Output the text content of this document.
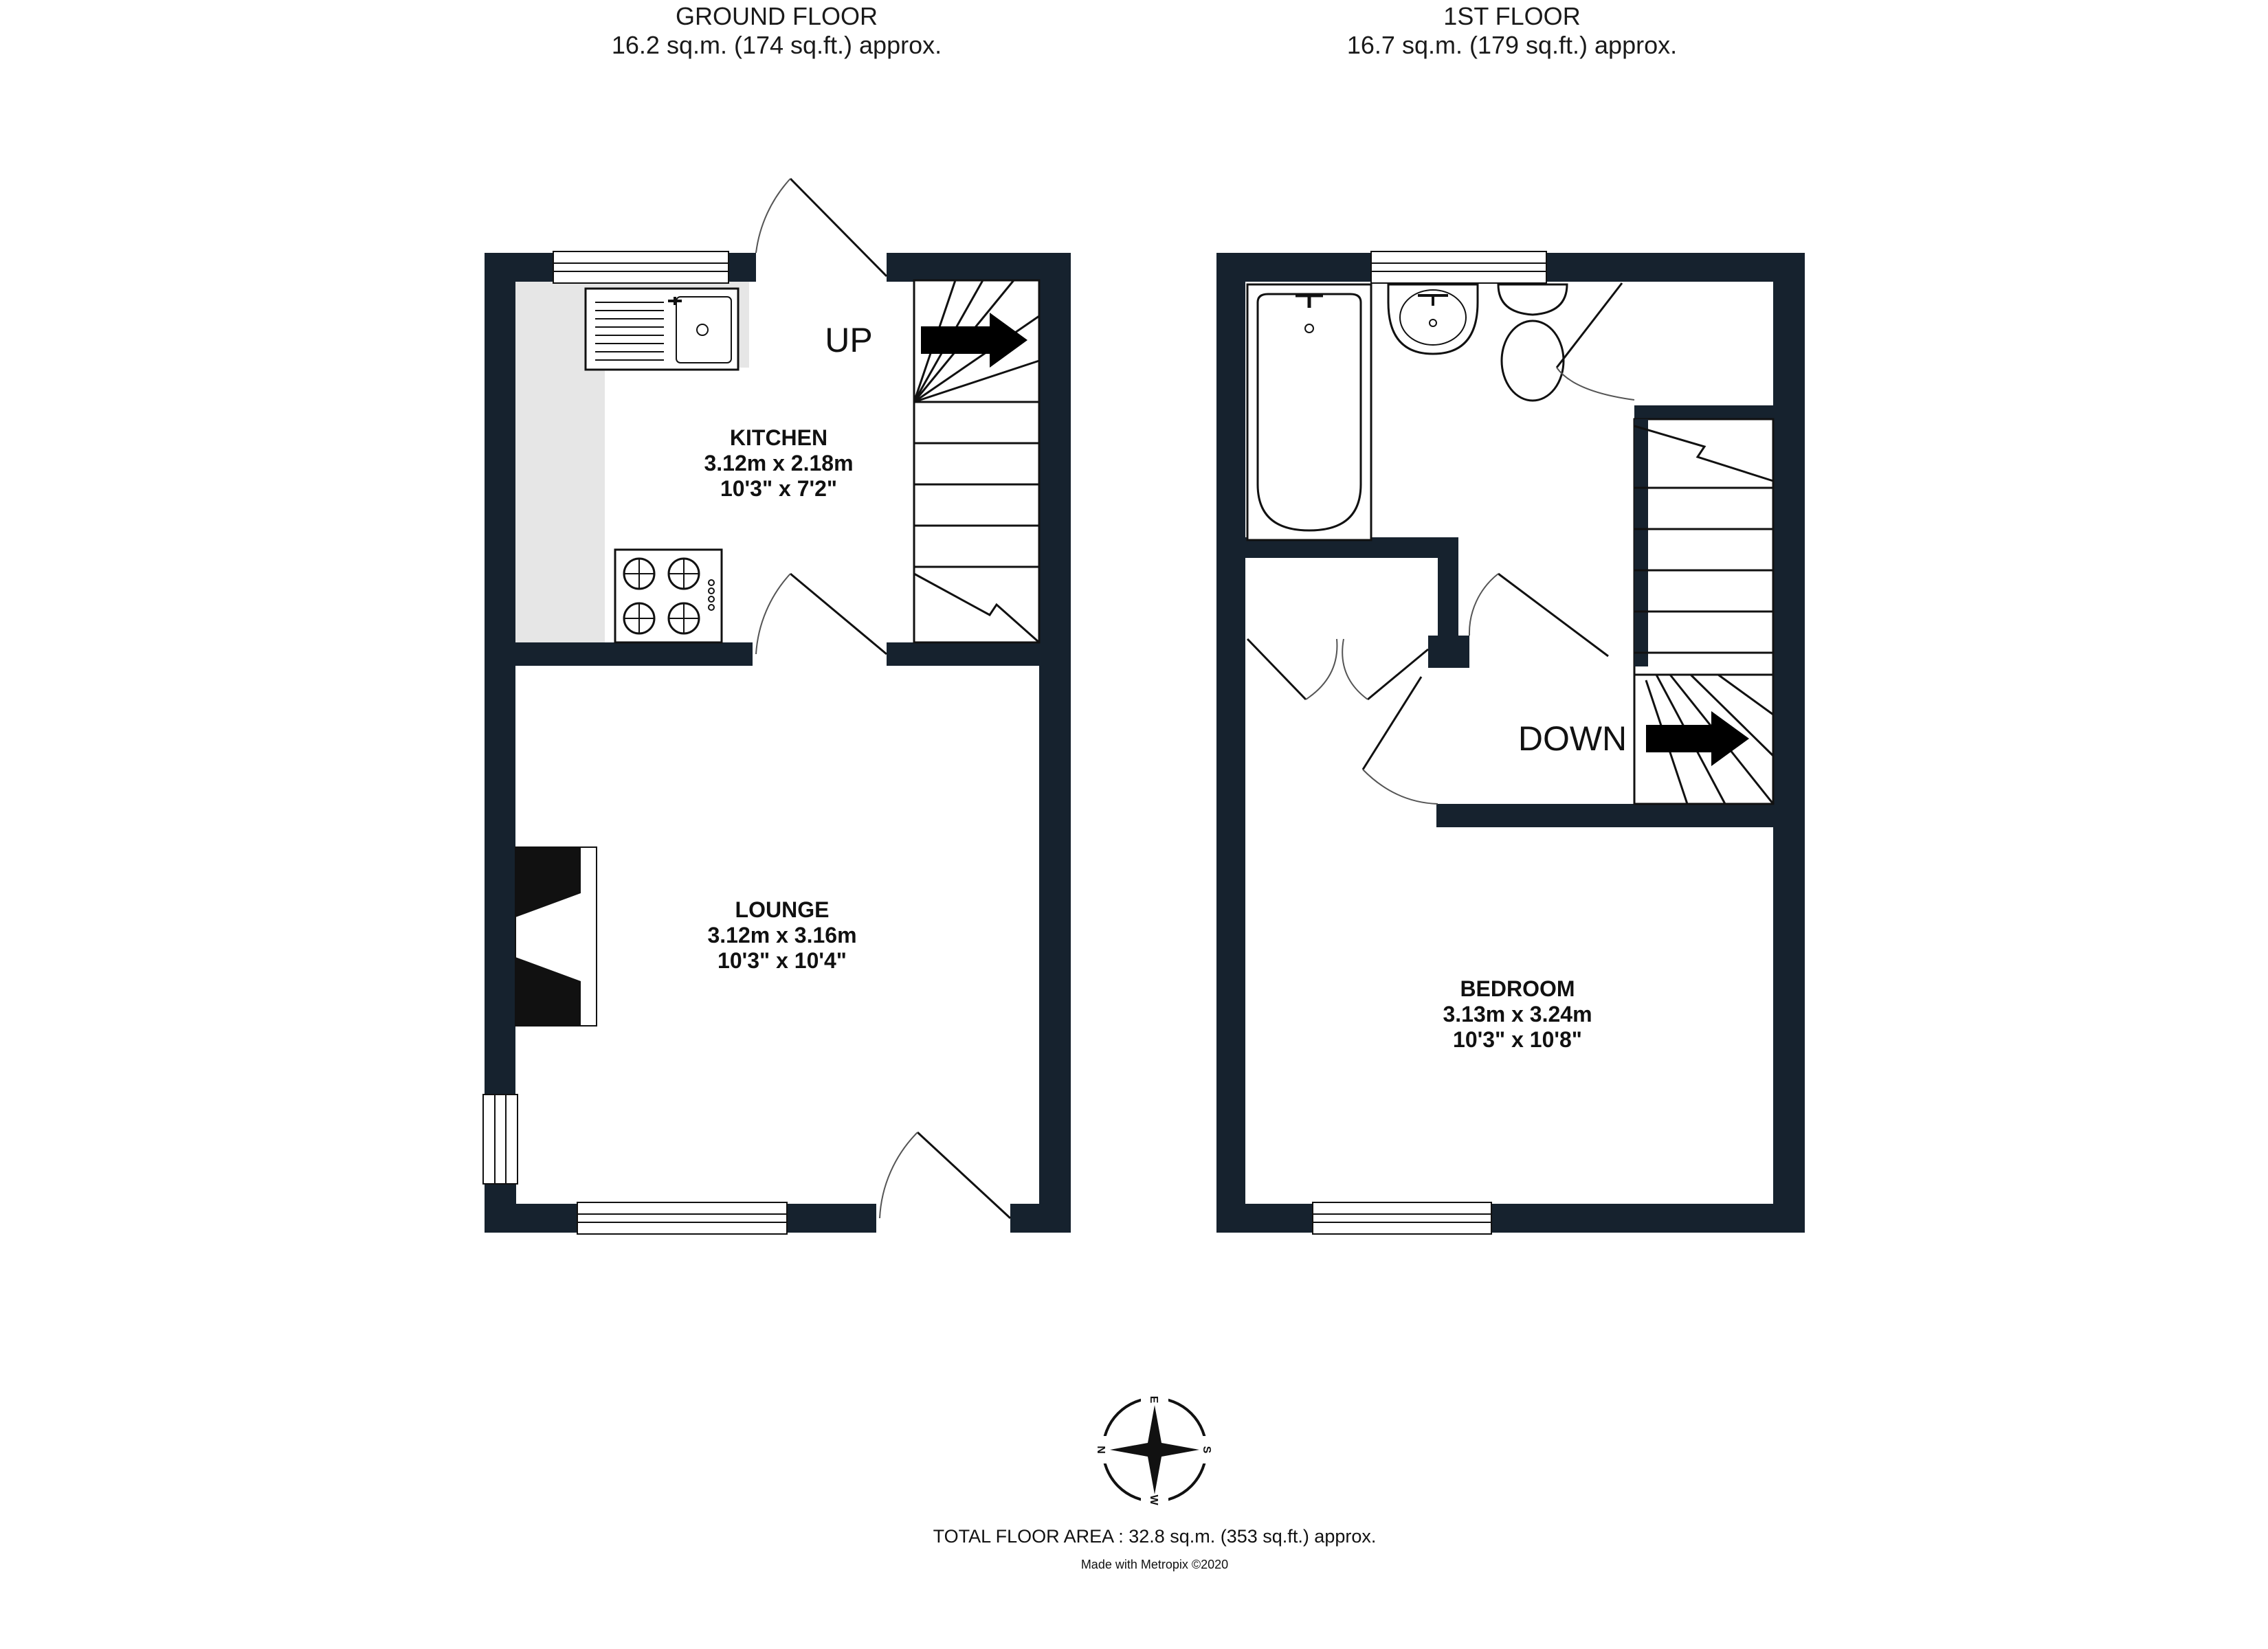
GROUND FLOOR
16.2 sq.m. (174 sq.ft.) approx.
1ST FLOOR
16.7 sq.m. (179 sq.ft.) approx.
UP
KITCHEN
3.12m x 2.18m
10'3" x 7'2"
LOUNGE
3.12m x 3.16m
10'3" x 10'4"
DOWN
BEDROOM
3.13m x 3.24m
10'3" x 10'8"
E
N	S
W
TOTAL FLOOR AREA : 32.8 sq.m. (353 sq.ft.) approx.
Made with Metropix ©2020
